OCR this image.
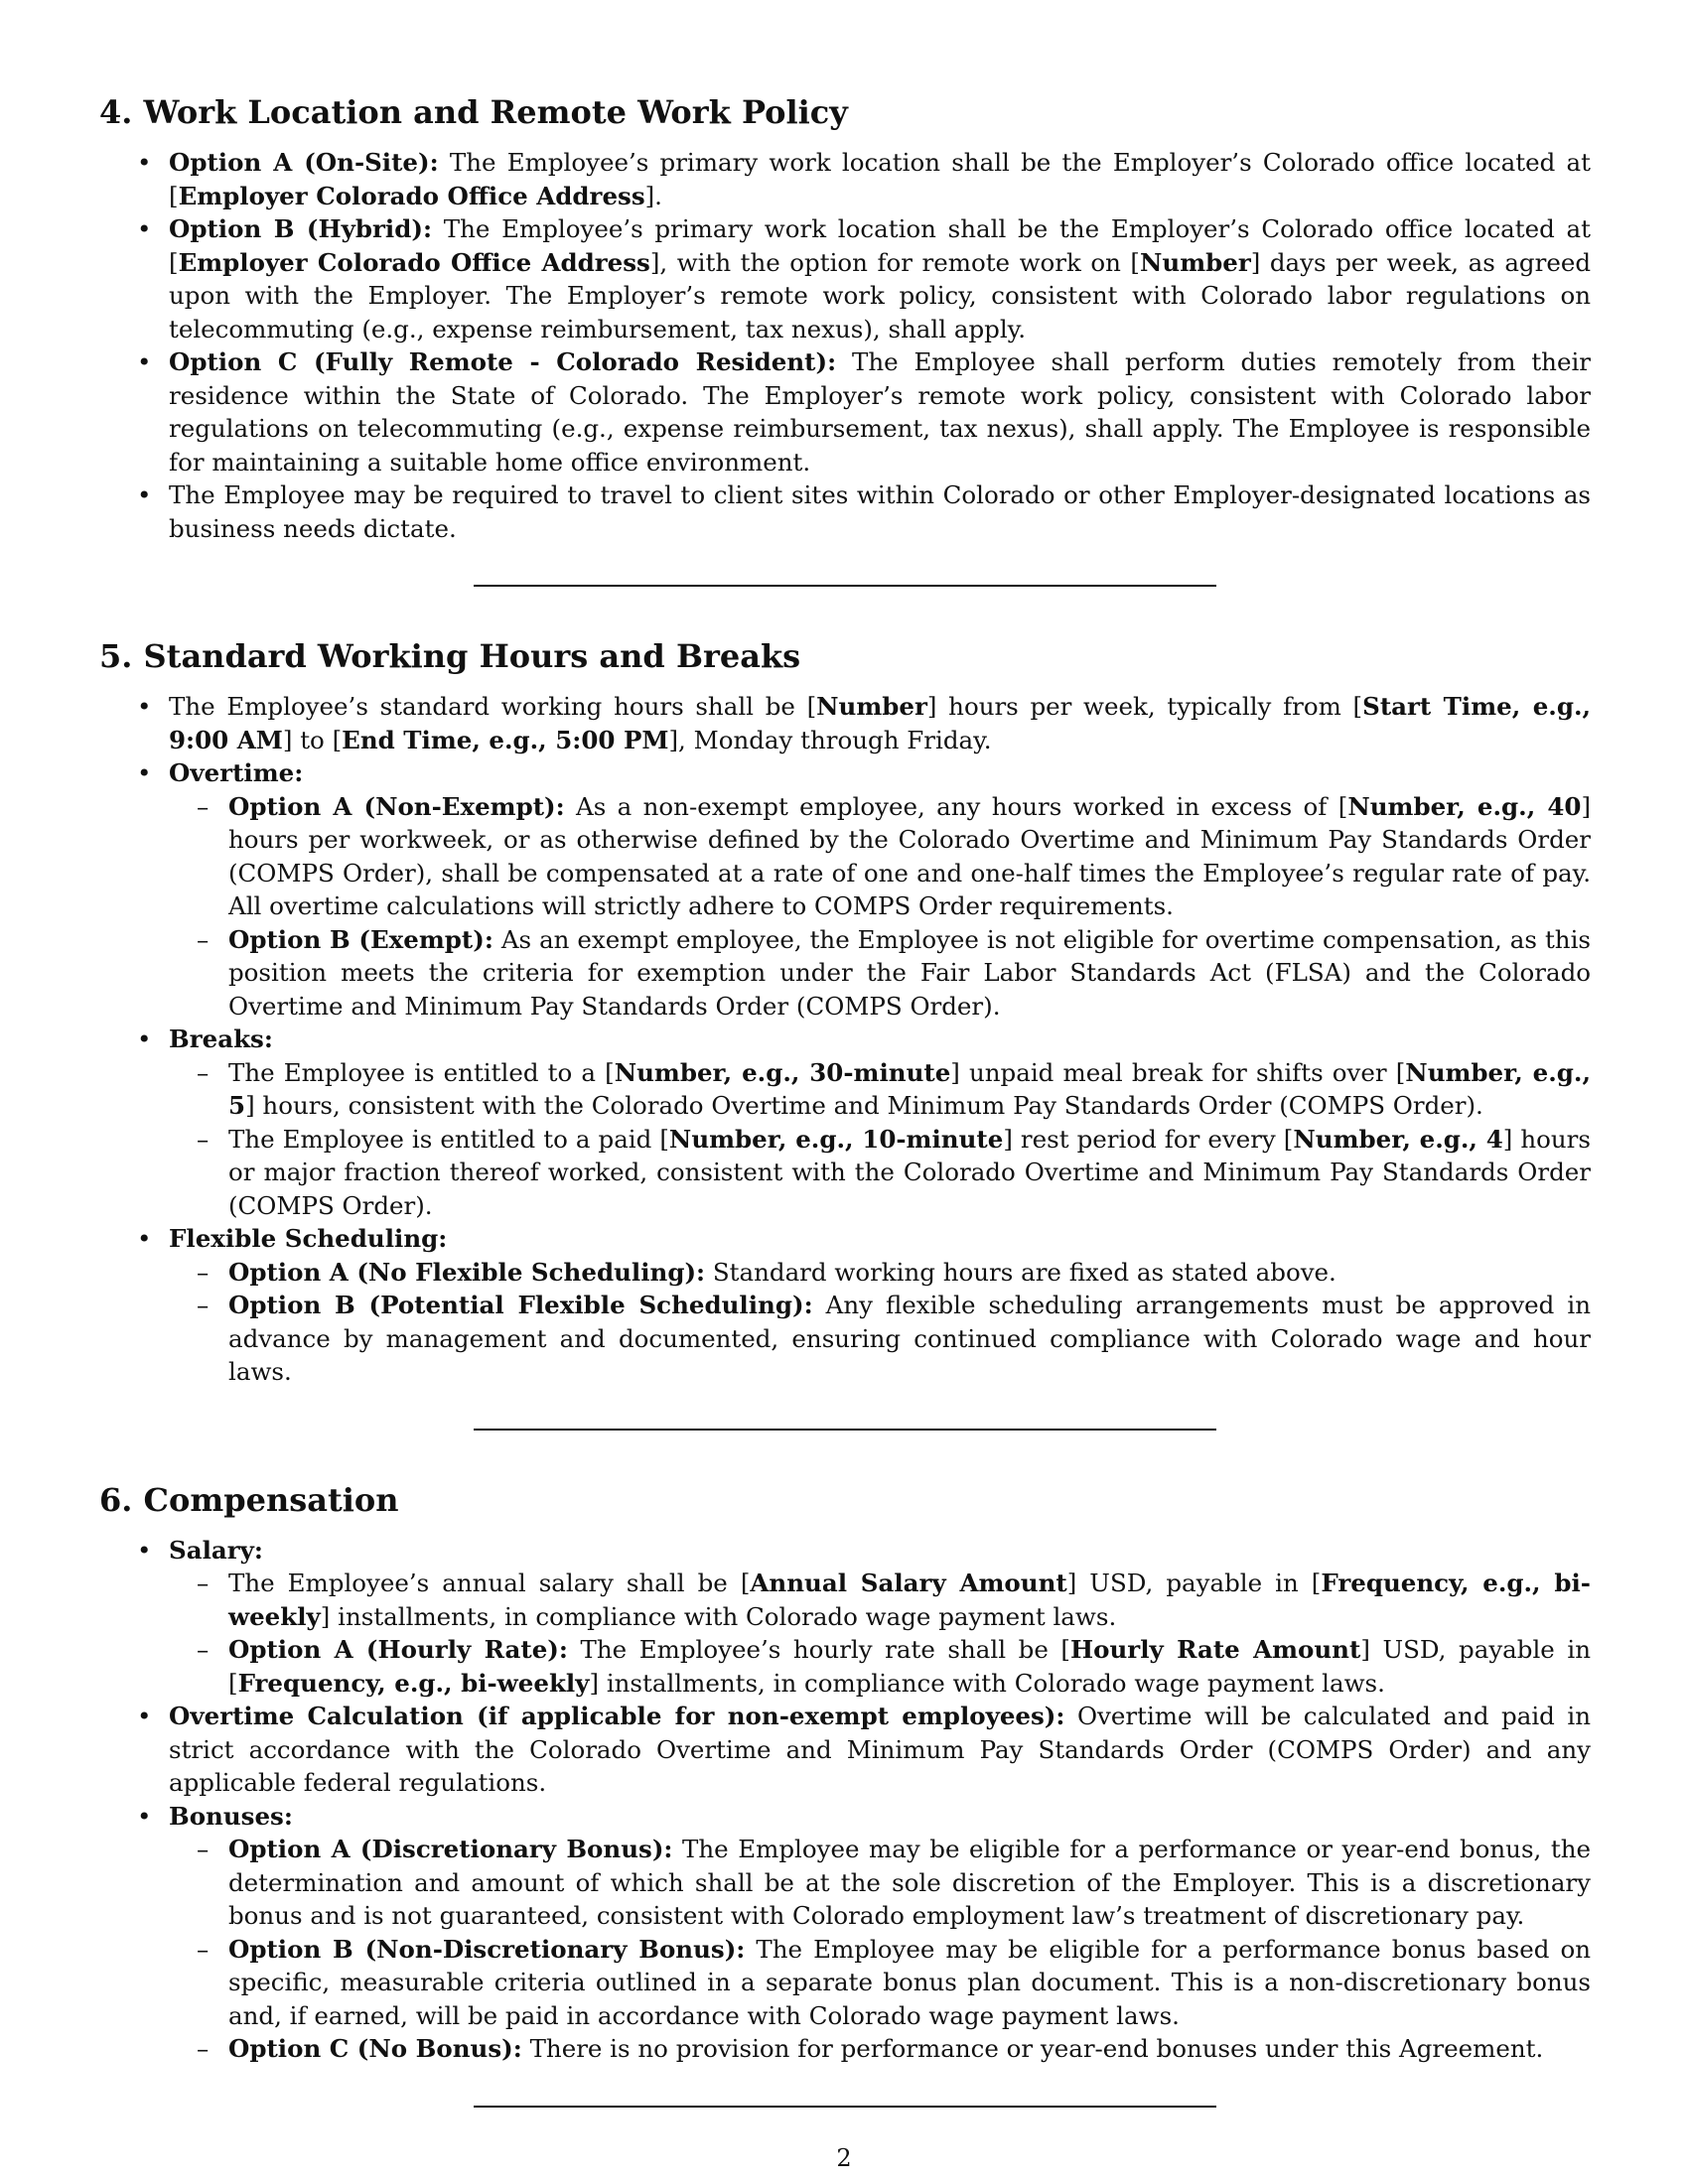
4. Work Location and Remote Work Policy
• Option A (On-Site): The Employee’s primary work location shall be the Employer’s Colorado office located at [Employer Colorado Office Address].
• Option B (Hybrid): The Employee’s primary work location shall be the Employer’s Colorado office located at [Employer Colorado Office Address], with the option for remote work on [Number] days per week, as agreed upon with the Employer. The Employer’s remote work policy, consistent with Colorado labor regulations on telecommuting (e.g., expense reimbursement, tax nexus), shall apply.
• Option C (Fully Remote - Colorado Resident): The Employee shall perform duties remotely from their residence within the State of Colorado. The Employer’s remote work policy, consistent with Colorado labor regulations on telecommuting (e.g., expense reimbursement, tax nexus), shall apply. The Employee is responsible for maintaining a suitable home office environment.
• The Employee may be required to travel to client sites within Colorado or other Employer-designated locations as business needs dictate.
5. Standard Working Hours and Breaks
• The Employee’s standard working hours shall be [Number] hours per week, typically from [Start Time, e.g., 9:00 AM] to [End Time, e.g., 5:00 PM], Monday through Friday.
• Overtime:
– Option A (Non-Exempt): As a non-exempt employee, any hours worked in excess of [Number, e.g., 40] hours per workweek, or as otherwise defined by the Colorado Overtime and Minimum Pay Standards Order (COMPS Order), shall be compensated at a rate of one and one-half times the Employee’s regular rate of pay. All overtime calculations will strictly adhere to COMPS Order requirements.
– Option B (Exempt): As an exempt employee, the Employee is not eligible for overtime compensation, as this position meets the criteria for exemption under the Fair Labor Standards Act (FLSA) and the Colorado Overtime and Minimum Pay Standards Order (COMPS Order).
• Breaks:
– The Employee is entitled to a [Number, e.g., 30-minute] unpaid meal break for shifts over [Number, e.g., 5] hours, consistent with the Colorado Overtime and Minimum Pay Standards Order (COMPS Order).
– The Employee is entitled to a paid [Number, e.g., 10-minute] rest period for every [Number, e.g., 4] hours or major fraction thereof worked, consistent with the Colorado Overtime and Minimum Pay Standards Order (COMPS Order).
• Flexible Scheduling:
– Option A (No Flexible Scheduling): Standard working hours are fixed as stated above.
– Option B (Potential Flexible Scheduling): Any flexible scheduling arrangements must be approved in advance by management and documented, ensuring continued compliance with Colorado wage and hour laws.
6. Compensation
• Salary:
– The Employee’s annual salary shall be [Annual Salary Amount] USD, payable in [Frequency, e.g., bi-weekly] installments, in compliance with Colorado wage payment laws.
– Option A (Hourly Rate): The Employee’s hourly rate shall be [Hourly Rate Amount] USD, payable in [Frequency, e.g., bi-weekly] installments, in compliance with Colorado wage payment laws.
• Overtime Calculation (if applicable for non-exempt employees): Overtime will be calculated and paid in strict accordance with the Colorado Overtime and Minimum Pay Standards Order (COMPS Order) and any applicable federal regulations.
• Bonuses:
– Option A (Discretionary Bonus): The Employee may be eligible for a performance or year-end bonus, the determination and amount of which shall be at the sole discretion of the Employer. This is a discretionary bonus and is not guaranteed, consistent with Colorado employment law’s treatment of discretionary pay.
– Option B (Non-Discretionary Bonus): The Employee may be eligible for a performance bonus based on specific, measurable criteria outlined in a separate bonus plan document. This is a non-discretionary bonus and, if earned, will be paid in accordance with Colorado wage payment laws.
– Option C (No Bonus): There is no provision for performance or year-end bonuses under this Agreement.
2
